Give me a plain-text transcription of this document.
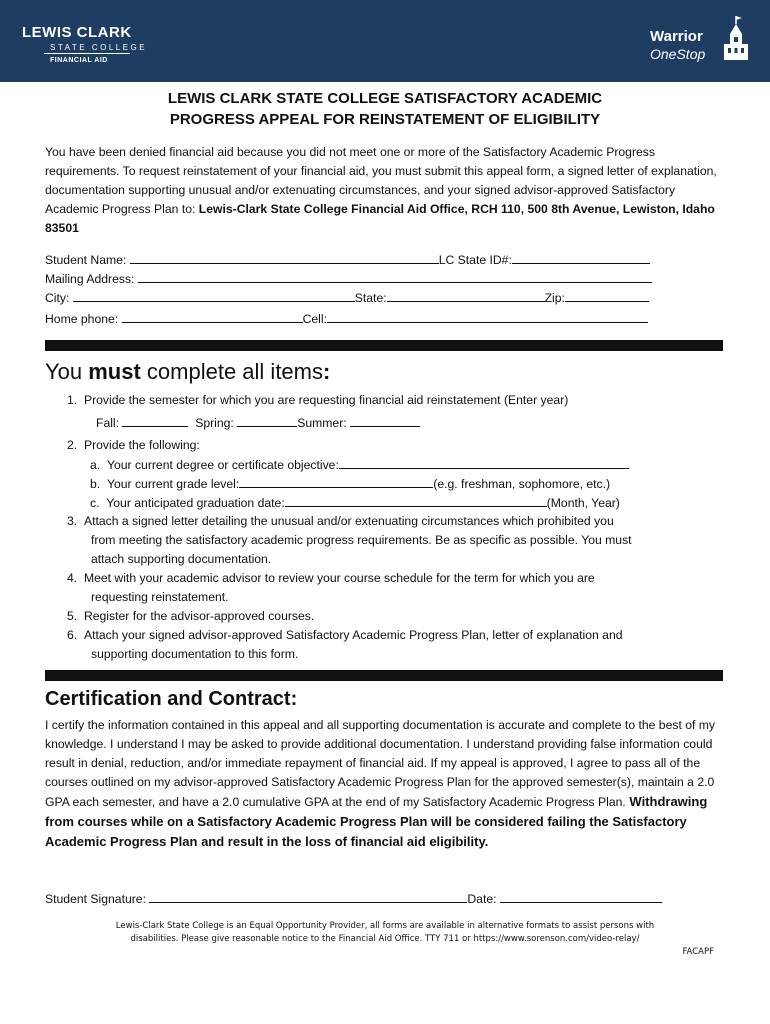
LEWIS CLARK
STATE COLLEGE
FINANCIAL AID
Warrior
OneStop
LEWIS CLARK STATE COLLEGE SATISFACTORY ACADEMIC
PROGRESS APPEAL FOR REINSTATEMENT OF ELIGIBILITY
You have been denied financial aid because you did not meet one or more of the Satisfactory Academic Progress requirements. To request reinstatement of your financial aid, you must submit this appeal form, a signed letter of explanation, documentation supporting unusual and/or extenuating circumstances, and your signed advisor-approved Satisfactory Academic Progress Plan to: Lewis-Clark State College Financial Aid Office, RCH 110, 500 8th Avenue, Lewiston, Idaho 83501
Student Name:	LC State ID#:
Mailing Address:
City:	State:	Zip:
Home phone:	Cell:
You must complete all items:
1.  Provide the semester for which you are requesting financial aid reinstatement (Enter year)
Fall:	Spring:	Summer:
2.  Provide the following:
a.  Your current degree or certificate objective:
b.  Your current grade level:	(e.g. freshman, sophomore, etc.)
c.  Your anticipated graduation date:	(Month, Year)
3.  Attach a signed letter detailing the unusual and/or extenuating circumstances which prohibited you
from meeting the satisfactory academic progress requirements. Be as specific as possible. You must
attach supporting documentation.
4.  Meet with your academic advisor to review your course schedule for the term for which you are
requesting reinstatement.
5.  Register for the advisor-approved courses.
6.  Attach your signed advisor-approved Satisfactory Academic Progress Plan, letter of explanation and
supporting documentation to this form.
Certification and Contract:
I certify the information contained in this appeal and all supporting documentation is accurate and complete to the best of my knowledge. I understand I may be asked to provide additional documentation. I understand providing false information could result in denial, reduction, and/or immediate repayment of financial aid. If my appeal is approved, I agree to pass all of the courses outlined on my advisor-approved Satisfactory Academic Progress Plan for the approved semester(s), maintain a 2.0 GPA each semester, and have a 2.0 cumulative GPA at the end of my Satisfactory Academic Progress Plan. Withdrawing from courses while on a Satisfactory Academic Progress Plan will be considered failing the Satisfactory Academic Progress Plan and result in the loss of financial aid eligibility.
Student Signature:	Date:
Lewis-Clark State College is an Equal Opportunity Provider, all forms are available in alternative formats to assist persons with
disabilities. Please give reasonable notice to the Financial Aid Office. TTY 711 or https://www.sorenson.com/video-relay/
FACAPF
